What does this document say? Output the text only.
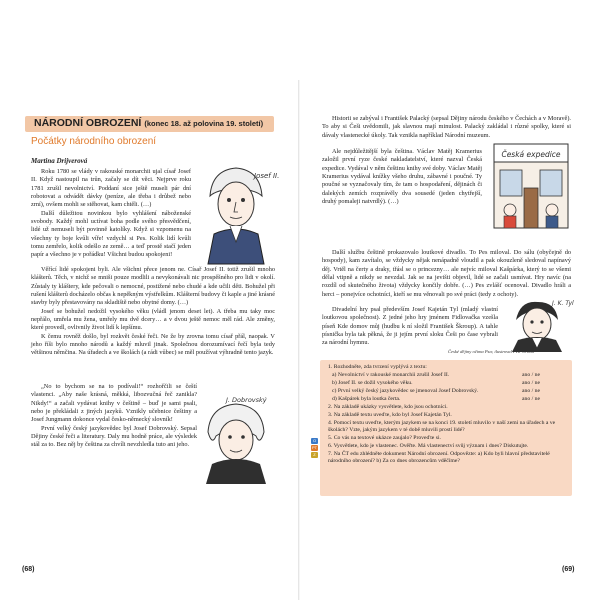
NÁRODNÍ OBROZENÍ (konec 18. až polovina 19. století)
Počátky národního obrození
Martina Drijverová

Roku 1780 se vlády v rakouské monarchii ujal císař Josef II. Když nastoupil na trůn, začaly se dít věci. Nejprve roku 1781 zrušil nevolnictví. Poddaní sice ještě museli pár dní robotovat a odvádět dávky (peníze, ale třeba i drůbež nebo zrní), ovšem mohli se stěhovat, kam chtěli. (…)

Další důležitou novinkou bylo vyhlášení náboženské svobody. Každý mohl uctívat boha podle svého přesvědčení, lidé už nemuseli být povinně katolíky. Když si vzpomenu na všechny ty boje kvůli víře! vzdychl si Pes. Kolik lidí kvůli tomu zemřelo, kolik odešlo ze země… a teď prostě stačí jeden papír a všechno je v pořádku! Všichni budou spokojeni!

Věřící lidé spokojeni byli. Ale všichni přece jenom ne. Císař Josef II. totiž zrušil mnoho klášterů. Těch, v nichž se mniši pouze modlili a nevykonávali nic prospěšného pro lidi v okolí. Zůstaly ty kláštery, kde pečovali o nemocné, postižené nebo chudé a kde učili děti. Bohužel při rušení klášterů docházelo občas k nepěkným výstřelkům. Klášterní budovy či kaple a jiné krásné stavby byly přestavovány na skladiště nebo obytné domy. (…)

Josef se bohužel nedožil vysokého věku (vládl jenom deset let). A třeba mu taky moc nepřálo, umřela mu žena, umřely mu dvě dcery… a v dvou ještě nemoc měl rád. Ale změny, které provedl, ovlivnily život lidí k lepšímu.

K čemu rovněž došlo, byl rozkvět české řeči. Ne že by zrovna tomu císař přál, naopak. V jeho říši bylo mnoho národů a každý mluvil jinak. Společnou dorozumívací řečí byla tedy většinou němčina. Na úřadech a ve školách (a rádi vůbec) se měl používat výhradně tento jazyk.

„No to bychom se na to podívali!“ rozhořčili se čeští vlastenci. „Aby naše krásná, měkká, libozvučná řeč zanikla? Nikdy!“ a začali vydávat knihy v češtině – buď je sami psali, nebo je překládali z jiných jazyků. Vznikly učebnice češtiny a Josef Jungmann dokonce vydal česko-německý slovník!

První velký český jazykovědec byl Josef Dobrovský. Sepsal Dějiny české řeči a literatury. Daly mu hodně práce, ale výsledek stál za to. Bez něj by čeština za chvíli nevzhledla tuto ani jeho.

Josef II.
J. Dobrovský
(68)

Historii se zabýval i František Palacký (sepsal Dějiny národu českého v Čechách a v Moravě). To aby si Češi uvědomili, jak slavnou mají minulost. Palacký zakládal i různé spolky, které si dávaly vlastenecké úkoly. Tak vznikla například Národní muzeum.

Ale nejdůležitější byla čeština. Václav Matěj Kramerius založil první ryze české nakladatelství, které nazval Česká expedice. Vydával v něm češtinu knihy své doby. Václav Matěj Kramerius vydával knížky všeho druhu, zábavné i poučné. Ty poučné se vyznačovaly tím, že tam o hospodaření, dějinách či dalekých zemích rozprávěly dva sousedé (jeden chytřejší, druhý pomaleji natvrdlý). (…)

Další službu češtině prokazovalo loutkové divadlo. To Pes miloval. Do sálu (obyčejně do hospody), kam zavítalo, se vždycky nějak nenápadně vloudil a pak okouzleně sledoval napínavý děj. Vrtěl na čerty a draky, třásl se o princezny… ale nejvíc miloval Kašpárka, který to se všemi dělal vtipně a nikdy se nevzdal. Jak se na jevišti objevil, lidé se začali usmívat. Hry navíc (na rozdíl od skutečného života) vždycky končily dobře. (…) Pes zvlášť ocenoval. Divadlo hráli a herci – ponejvíce ochotníci, kteří se mu věnovali po své práci (tedy z ochoty).

Divadelní hry psal především Josef Kajetán Tyl (mladý vlastní loutkovou společnost). Z jedné jeho hry jménem Fidlovačka vzešla píseň Kde domov můj (hudbu k ní složil František Škroup). A tahle písnička byla tak pěkná, že ji jejím první sloku Češi po čase vybrali za národní hymnu.

Česká expedice
J. K. Tyl
České dějiny očima Psa; ilustroval Petr Urban
1. Rozhodněte, zda tvrzení vyplývá z textu:
a) Nevolnictví v rakouské monarchii zrušil Josef II.
b) Josef II. se dožil vysokého věku.
c) První velký český jazykovědec se jmenoval Josef Dobrovský.
d) Kašpárek byla loutka čerta.
ano / ne
ano / ne
ano / ne
ano / ne
2. Na základě ukázky vysvětlete, kdo jsou ochotníci.
3. Na základě textu uveďte, kdo byl Josef Kajetán Tyl.
4. Pomocí textu uveďte, kterým jazykem se na konci 19. století mluvilo v naší zemi na úřadech a ve školách? Vzte, jakým jazykem v té době mluvili prostí lidé?
5. Co vás na textové ukázce zaujalo? Proveďte si.
6. Vysvětlete, kdo je vlastenec. Ověřte. Má vlastenectví svůj význam i dnes? Diskutujte.
7. Na ČT edu zhlédněte dokument Národní obrození. Odpovězte: a) Kdo byli hlavní představitelé národního obrození? b) Za co dnes obrozencům vděčíme?
O
PT
Z
(69)
